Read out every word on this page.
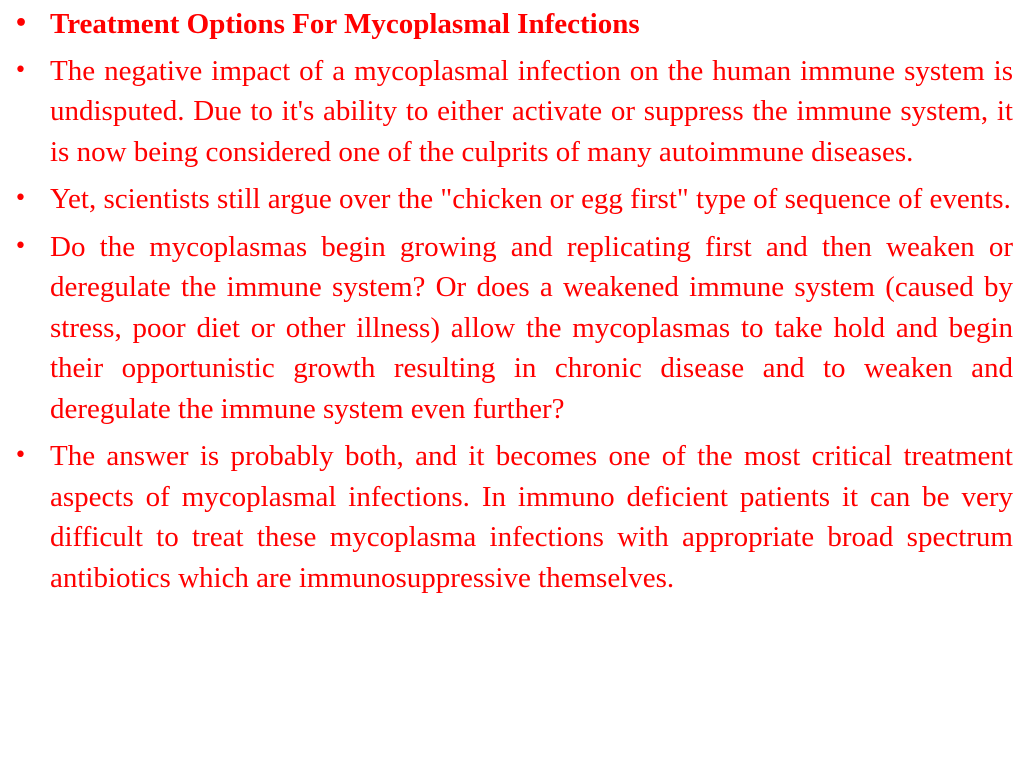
• Treatment Options For Mycoplasmal Infections
• The negative impact of a mycoplasmal infection on the human immune system is undisputed. Due to it's ability to either activate or suppress the immune system, it is now being considered one of the culprits of many autoimmune diseases.
• Yet, scientists still argue over the "chicken or egg first" type of sequence of events.
• Do the mycoplasmas begin growing and replicating first and then weaken or deregulate the immune system? Or does a weakened immune system (caused by stress, poor diet or other illness) allow the mycoplasmas to take hold and begin their opportunistic growth resulting in chronic disease and to weaken and deregulate the immune system even further?
• The answer is probably both, and it becomes one of the most critical treatment aspects of mycoplasmal infections. In immuno deficient patients it can be very difficult to treat these mycoplasma infections with appropriate broad spectrum antibiotics which are immunosuppressive themselves.
